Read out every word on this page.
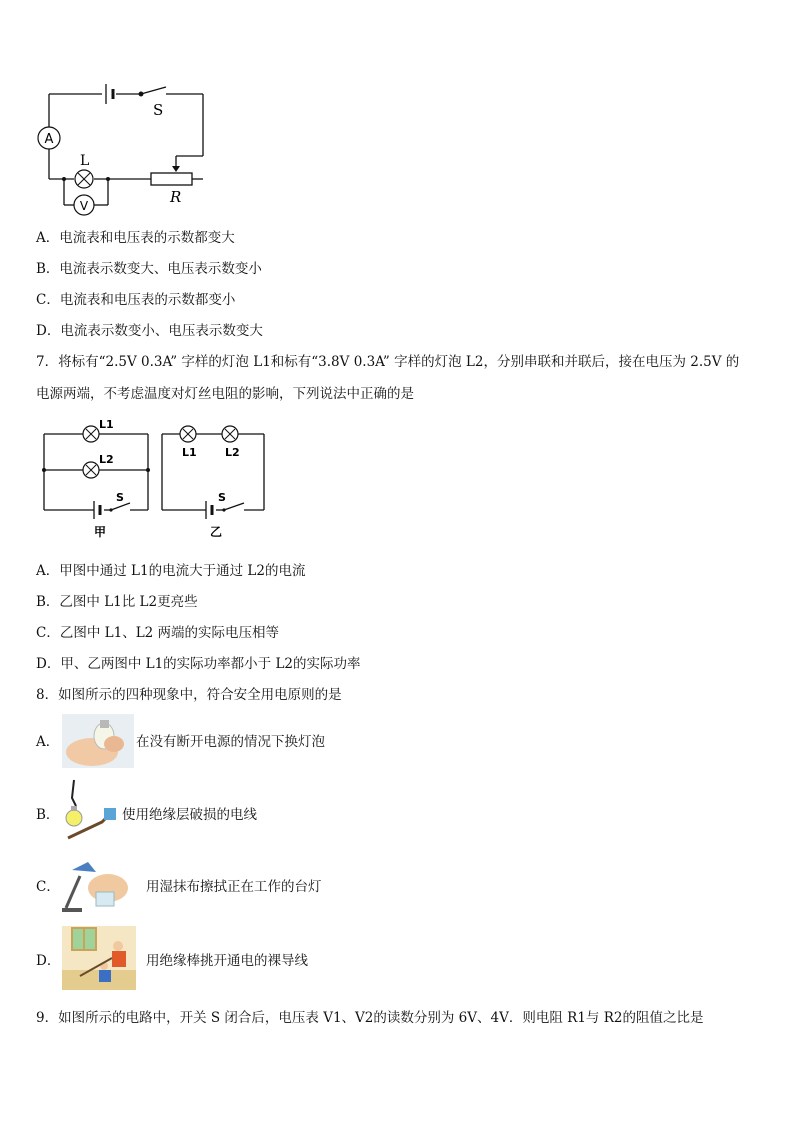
A
L
V
S
R
A．电流表和电压表的示数都变大
B．电流表示数变大、电压表示数变小
C．电流表和电压表的示数都变小
D．电流表示数变小、电压表示数变大
7．将标有“2.5V 0.3A” 字样的灯泡 L1和标有“3.8V 0.3A” 字样的灯泡 L2，分别串联和并联后，接在电压为 2.5V 的
电源两端，不考虑温度对灯丝电阻的影响，下列说法中正确的是
L1
L2
S
甲
L1	L2
S
乙
A．甲图中通过 L1的电流大于通过 L2的电流
B．乙图中 L1比 L2更亮些
C．乙图中 L1、L2 两端的实际电压相等
D．甲、乙两图中 L1的实际功率都小于 L2的实际功率
8．如图所示的四种现象中，符合安全用电原则的是
A．	在没有断开电源的情况下换灯泡
B．	使用绝缘层破损的电线
C．	用湿抹布擦拭正在工作的台灯
D．	用绝缘棒挑开通电的裸导线
9．如图所示的电路中，开关 S 闭合后，电压表 V1、V2的读数分别为 6V、4V．则电阻 R1与 R2的阻值之比是
